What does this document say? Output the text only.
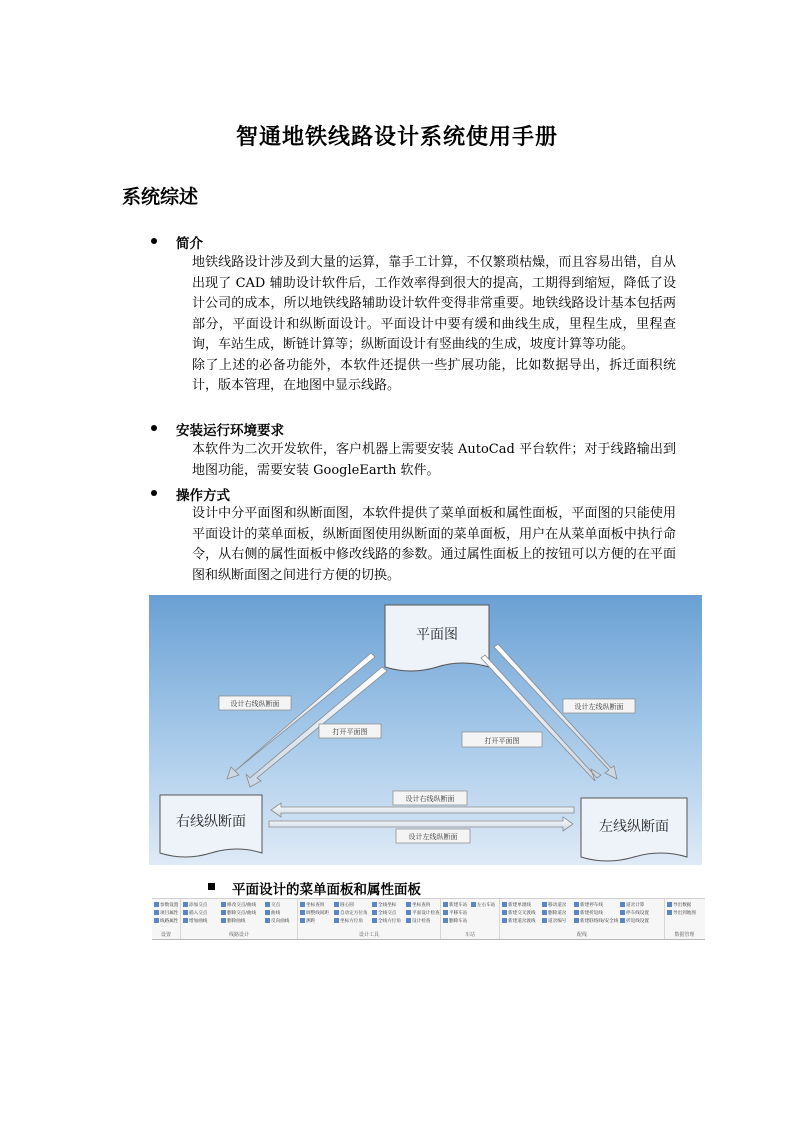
智通地铁线路设计系统使用手册
系统综述
简介

地铁线路设计涉及到大量的运算，靠手工计算，不仅繁琐枯燥，而且容易出错，自从出现了 CAD 辅助设计软件后，工作效率得到很大的提高，工期得到缩短，降低了设计公司的成本，所以地铁线路辅助设计软件变得非常重要。地铁线路设计基本包括两部分，平面设计和纵断面设计。平面设计中要有缓和曲线生成，里程生成，里程查询，车站生成，断链计算等；纵断面设计有竖曲线的生成，坡度计算等功能。

除了上述的必备功能外，本软件还提供一些扩展功能，比如数据导出，拆迁面积统计，版本管理，在地图中显示线路。

安装运行环境要求

本软件为二次开发软件，客户机器上需要安装 AutoCad 平台软件；对于线路输出到地图功能，需要安装 GoogleEarth 软件。

操作方式

设计中分平面图和纵断面图，本软件提供了菜单面板和属性面板，平面图的只能使用平面设计的菜单面板，纵断面图使用纵断面的菜单面板，用户在从菜单面板中执行命令，从右侧的属性面板中修改线路的参数。通过属性面板上的按钮可以方便的在平面图和纵断面图之间进行方便的切换。

平面图
右线纵断面	左线纵断面
设计右线纵断面
打开平面图
设计左线纵断面
打开平面图
设计右线纵断面
设计左线纵断面
平面设计的菜单面板和属性面板
参数设置
项目属性
线路属性
设置
添加交点
插入交点
增加曲线
修改交点/曲线
删除交点/曲线
交点
曲线
反向曲线
删除曲线
线路设计
坐标查询
调整线间距
测距
圆心圆
自动定方位角
坐标方位角
全线坐标
全线交点
全线方位角
坐标查询
平面设计检查
设计检查
设计工具
新建车站
平移车站
删除车站
左右车站
车站
新建单渡线
新建交叉渡线
新建道岔渡线
移动道岔
删除道岔
道岔编号
新建停车线
新建折返线
新建联络线/安全线
道岔计算
停车线设置
折返线设置
配线
导出数据
导出到地图
数据管理
